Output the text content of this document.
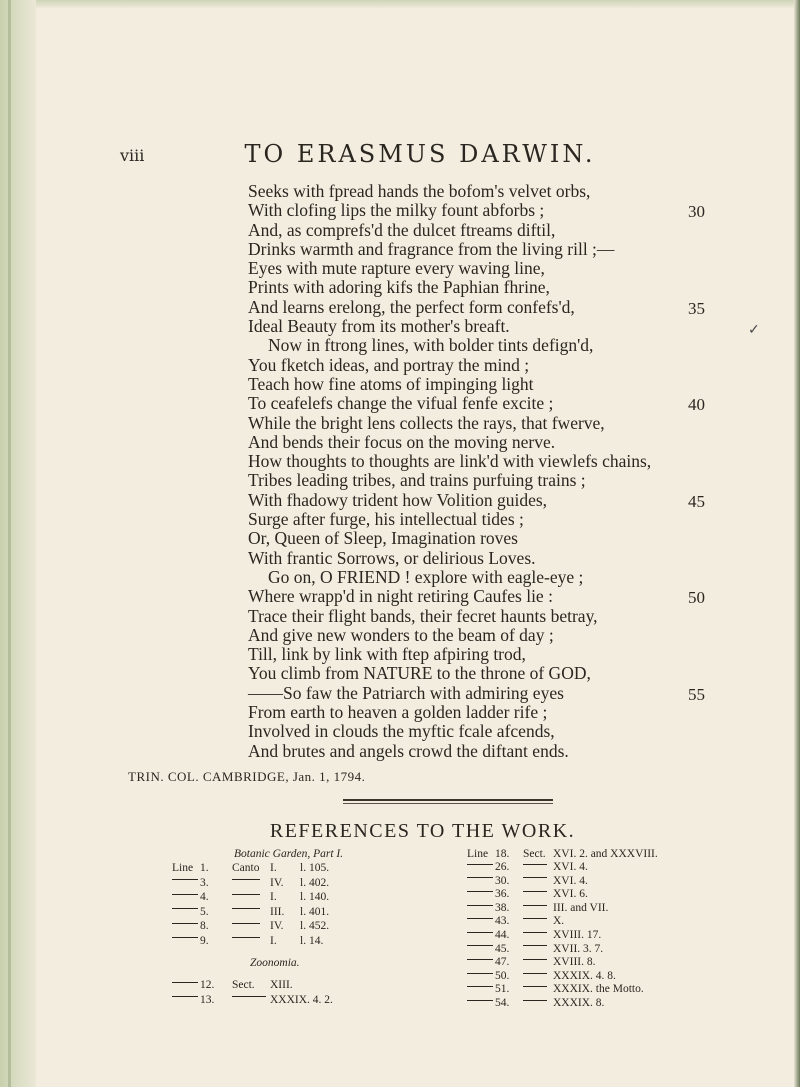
viii	TO ERASMUS DARWIN.
Seeks with fpread hands the bofom's velvet orbs,
With clofing lips the milky fount abforbs ;
And, as comprefs'd the dulcet ftreams diftil,
Drinks warmth and fragrance from the living rill ;—
Eyes with mute rapture every waving line,
Prints with adoring kifs the Paphian fhrine,
And learns erelong, the perfect form confefs'd,
Ideal Beauty from its mother's breaft.
Now in ftrong lines, with bolder tints defign'd,
You fketch ideas, and portray the mind ;
Teach how fine atoms of impinging light
To ceafelefs change the vifual fenfe excite ;
While the bright lens collects the rays, that fwerve,
And bends their focus on the moving nerve.
How thoughts to thoughts are link'd with viewlefs chains,
Tribes leading tribes, and trains purfuing trains ;
With fhadowy trident how Volition guides,
Surge after furge, his intellectual tides ;
Or, Queen of Sleep, Imagination roves
With frantic Sorrows, or delirious Loves.
Go on, O FRIEND ! explore with eagle-eye ;
Where wrapp'd in night retiring Caufes lie :
Trace their flight bands, their fecret haunts betray,
And give new wonders to the beam of day ;
Till, link by link with ftep afpiring trod,
You climb from NATURE to the throne of GOD,
——So faw the Patriarch with admiring eyes
From earth to heaven a golden ladder rife ;
Involved in clouds the myftic fcale afcends,
And brutes and angels crowd the diftant ends.
30
35
40
45
50
55
✓
TRIN. COL. CAMBRIDGE, Jan. 1, 1794.
REFERENCES TO THE WORK.
Botanic Garden, Part I.
Line 1. Canto I. l. 105.
3.	IV. l. 402.
4.	I. l. 140.
5.	III. l. 401.
8.	IV. l. 452.
9.	I. l. 14.
Zoonomia.
12. Sect. XIII.
13.	XXXIX. 4. 2.
Line 18. Sect. XVI. 2. and XXXVIII.
26.	XVI. 4.
30.	XVI. 4.
36.	XVI. 6.
38.	III. and VII.
43.	X.
44.	XVIII. 17.
45.	XVII. 3. 7.
47.	XVIII. 8.
50.	XXXIX. 4. 8.
51.	XXXIX. the Motto.
54.	XXXIX. 8.
